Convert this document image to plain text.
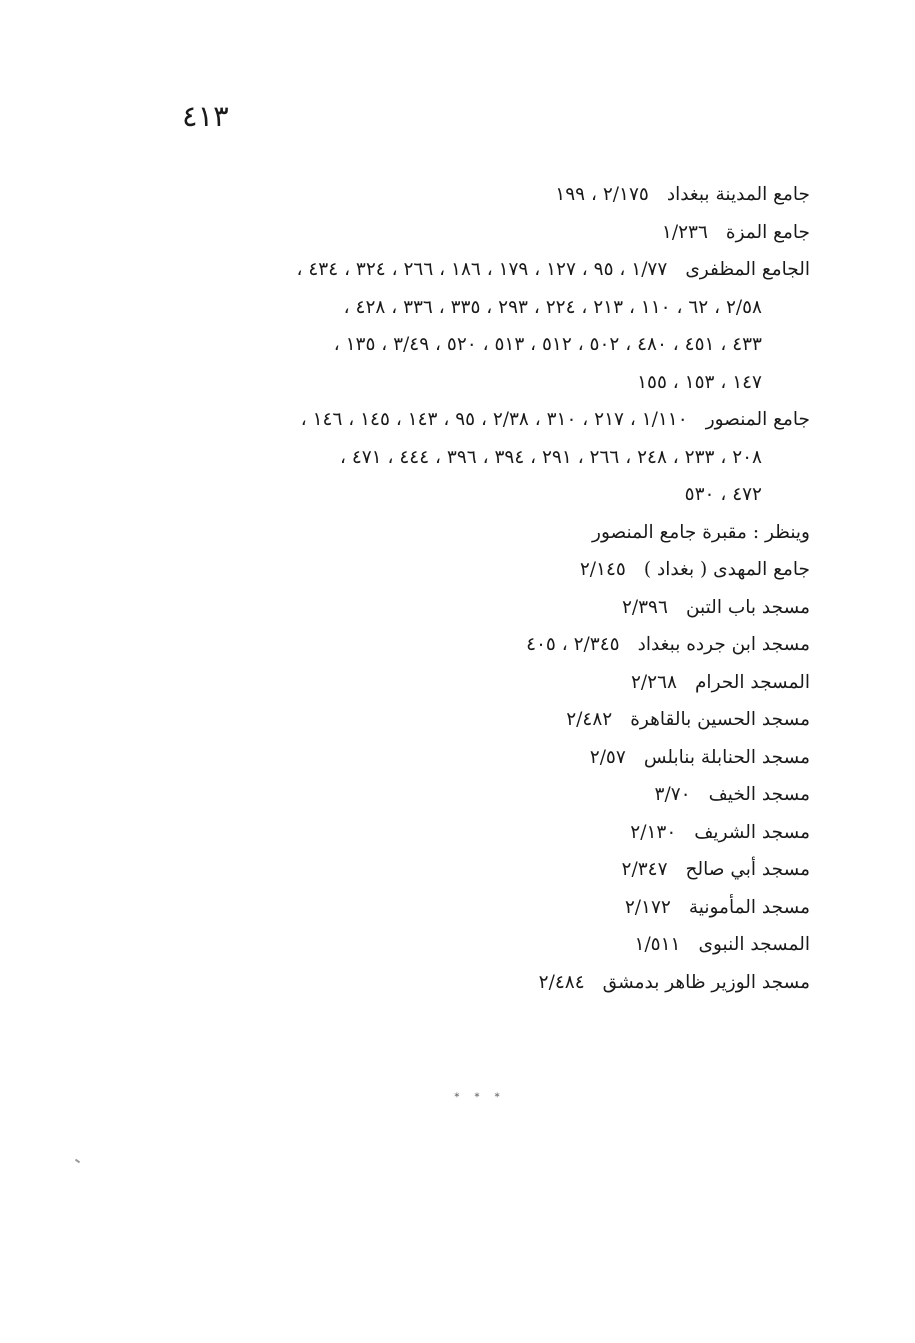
٤١٣
جامع المدينة ببغداد٢/١٧٥ ، ١٩٩
جامع المزة١/٢٣٦
الجامع المظفرى١/٧٧ ، ٩٥ ، ١٢٧ ، ١٧٩ ، ١٨٦ ، ٢٦٦ ، ٣٢٤ ، ٤٣٤ ،
٢/٥٨ ، ٦٢ ، ١١٠ ، ٢١٣ ، ٢٢٤ ، ٢٩٣ ، ٣٣٥ ، ٣٣٦ ، ٤٢٨ ،
٤٣٣ ، ٤٥١ ، ٤٨٠ ، ٥٠٢ ، ٥١٢ ، ٥١٣ ، ٥٢٠ ، ٣/٤٩ ، ١٣٥ ،
١٤٧ ، ١٥٣ ، ١٥٥
جامع المنصور١/١١٠ ، ٢١٧ ، ٣١٠ ، ٢/٣٨ ، ٩٥ ، ١٤٣ ، ١٤٥ ، ١٤٦ ،
٢٠٨ ، ٢٣٣ ، ٢٤٨ ، ٢٦٦ ، ٢٩١ ، ٣٩٤ ، ٣٩٦ ، ٤٤٤ ، ٤٧١ ،
٤٧٢ ، ٥٣٠
وينظر : مقبرة جامع المنصور
جامع المهدى ( بغداد )٢/١٤٥
مسجد باب التبن٢/٣٩٦
مسجد ابن جرده ببغداد٢/٣٤٥ ، ٤٠٥
المسجد الحرام٢/٢٦٨
مسجد الحسين بالقاهرة٢/٤٨٢
مسجد الحنابلة بنابلس٢/٥٧
مسجد الخيف٣/٧٠
مسجد الشريف٢/١٣٠
مسجد أبي صالح٢/٣٤٧
مسجد المأمونية٢/١٧٢
المسجد النبوى١/٥١١
مسجد الوزير ظاهر بدمشق٢/٤٨٤
* * *
